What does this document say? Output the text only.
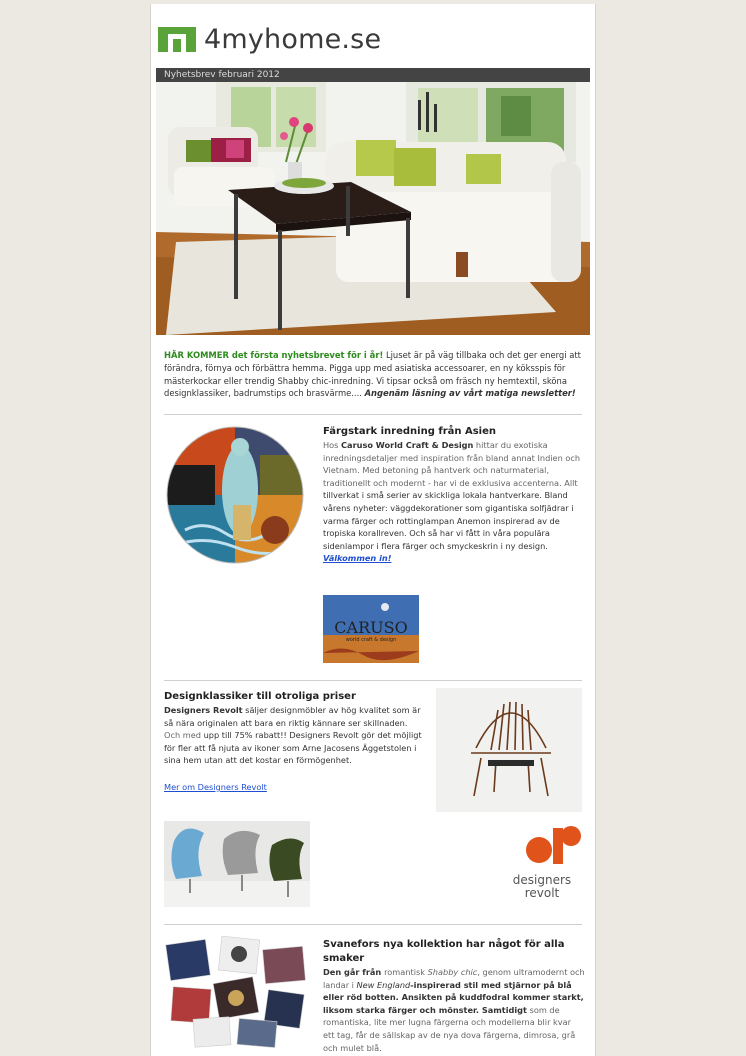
4myhome.se
Nyhetsbrev februari 2012

HÄR KOMMER det första nyhetsbrevet för i år! Ljuset är på väg tillbaka och det ger energi att förändra, förnya och förbättra hemma. Pigga upp med asiatiska accessoarer, en ny köksspis för mästerkockar eller trendig Shabby chic-inredning. Vi tipsar också om fräsch ny hemtextil, sköna designklassiker, badrumstips och brasvärme.... Angenäm läsning av vårt matiga newsletter!

Färgstark inredning från Asien

Hos Caruso World Craft & Design hittar du exotiska inredningsdetaljer med inspiration från bland annat Indien och Vietnam. Med betoning på hantverk och naturmaterial, traditionellt och modernt - har vi de exklusiva accenterna. Allt tillverkat i små serier av skickliga lokala hantverkare. Bland vårens nyheter: väggdekorationer som gigantiska solfjädrar i varma färger och rottinglampan Anemon inspirerad av de tropiska korallreven. Och så har vi fått in våra populära sidenlampor i flera färger och smyckeskrin i ny design.
Välkommen in!

CARUSO
world craft & design

Designklassiker till otroliga priser

Designers Revolt säljer designmöbler av hög kvalitet som är så nära originalen att bara en riktig kännare ser skillnaden. Och med upp till 75% rabatt!! Designers Revolt gör det möjligt för fler att få njuta av ikoner som Arne Jacosens Äggetstolen i sina hem utan att det kostar en förmögenhet.

Mer om Designers Revolt

designers
revolt

Svanefors nya kollektion har något för alla smaker

Den går från romantisk Shabby chic, genom ultramodernt och landar i New England-inspirerad stil med stjärnor på blå eller röd botten. Ansikten på kuddfodral kommer starkt, liksom starka färger och mönster. Samtidigt som de romantiska, lite mer lugna färgerna och modellerna blir kvar ett tag, får de sällskap av de nya dova färgerna, dimrosa, grå och mulet blå.
